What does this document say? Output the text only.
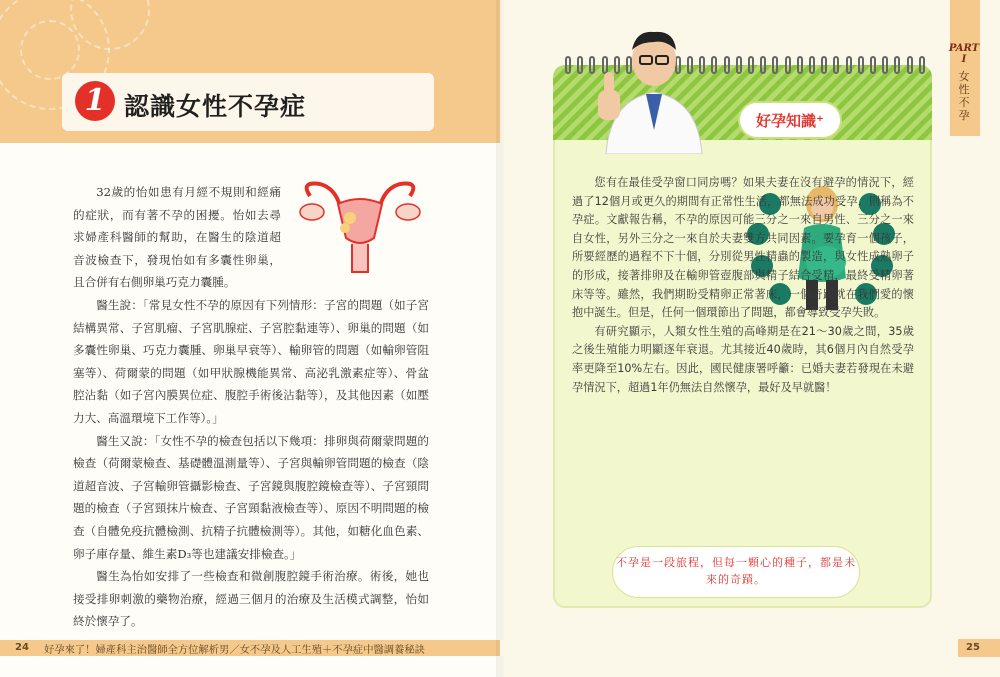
1 認識女性不孕症

32歲的怡如患有月經不規則和經痛的症狀，而有著不孕的困擾。怡如去尋求婦產科醫師的幫助，在醫生的陰道超音波檢查下，發現怡如有多囊性卵巢，且合併有右側卵巢巧克力囊腫。

醫生說：「常見女性不孕的原因有下列情形：子宮的問題（如子宮結構異常、子宮肌瘤、子宮肌腺症、子宮腔黏連等）、卵巢的問題（如多囊性卵巢、巧克力囊腫、卵巢早衰等）、輸卵管的問題（如輸卵管阻塞等）、荷爾蒙的問題（如甲狀腺機能異常、高泌乳激素症等）、骨盆腔沾黏（如子宮內膜異位症、腹腔手術後沾黏等），及其他因素（如壓力大、高溫環境下工作等）。」

醫生又說：「女性不孕的檢查包括以下幾項：排卵與荷爾蒙問題的檢查（荷爾蒙檢查、基礎體溫測量等）、子宮與輸卵管問題的檢查（陰道超音波、子宮輸卵管攝影檢查、子宮鏡與腹腔鏡檢查等）、子宮頸問題的檢查（子宮頸抹片檢查、子宮頸黏液檢查等）、原因不明問題的檢查（自體免疫抗體檢測、抗精子抗體檢測等）。其他，如糖化血色素、卵子庫存量、維生素D₃等也建議安排檢查。」

醫生為怡如安排了一些檢查和微創腹腔鏡手術治療。術後，她也接受排卵刺激的藥物治療，經過三個月的治療及生活模式調整，怡如終於懷孕了。

24 好孕來了！婦產科主治醫師全方位解析男／女不孕及人工生殖＋不孕症中醫調養秘訣
PART
I
女
性
不
孕
好孕知識⁺

您有在最佳受孕窗口同房嗎？如果夫妻在沒有避孕的情況下，經過了12個月或更久的期間有正常性生活，都無法成功受孕，則稱為不孕症。文獻報告稱，不孕的原因可能三分之一來自男性、三分之一來自女性，另外三分之一來自於夫妻雙方共同因素。要孕育一個孩子，所要經歷的過程不下十個，分別從男性精蟲的製造，與女性成熟卵子的形成，接著排卵及在輸卵管壺腹部與精子結合受精，最終受精卵著床等等。雖然，我們期盼受精卵正常著床，一個奇蹟就在我們愛的懷抱中誕生。但是，任何一個環節出了問題，都會導致受孕失敗。

有研究顯示，人類女性生殖的高峰期是在21～30歲之間，35歲之後生殖能力明顯逐年衰退。尤其接近40歲時，其6個月內自然受孕率更降至10%左右。因此，國民健康署呼籲：已婚夫妻若發現在未避孕情況下，超過1年仍無法自然懷孕，最好及早就醫！

不孕是一段旅程，但每一顆心的種子，都是未來的奇蹟。
25
